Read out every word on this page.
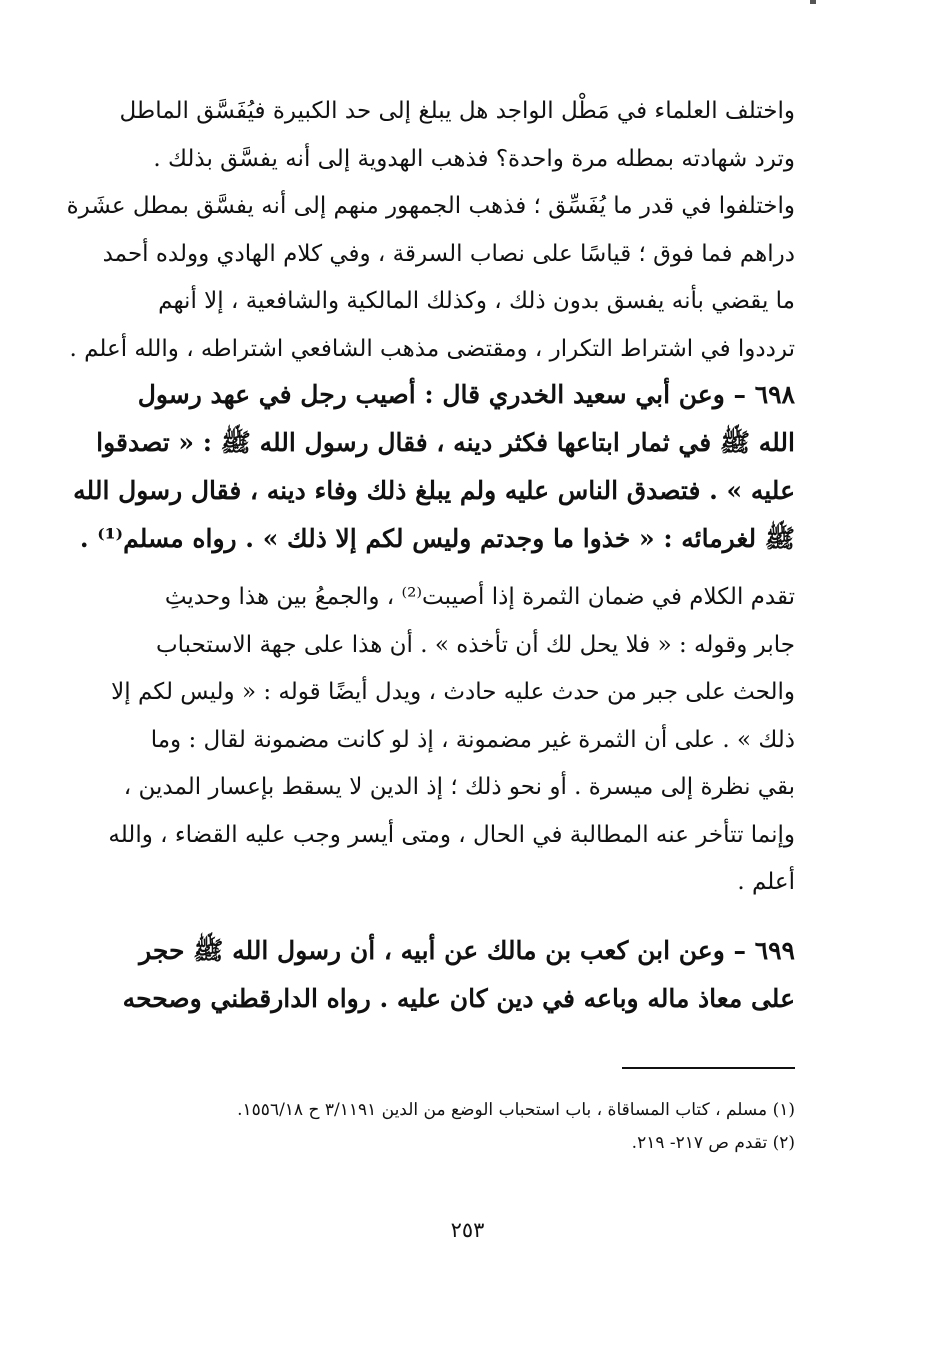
واختلف العلماء في مَطْل الواجد هل يبلغ إلى حد الكبيرة فيُفَسَّق الماطل
وترد شهادته بمطله مرة واحدة؟ فذهب الهدوية إلى أنه يفسَّق بذلك .
واختلفوا في قدر ما يُفَسِّق ؛ فذهب الجمهور منهم إلى أنه يفسَّق بمطل عشَرة
دراهم فما فوق ؛ قياسًا على نصاب السرقة ، وفي كلام الهادي وولده أحمد
ما يقضي بأنه يفسق بدون ذلك ، وكذلك المالكية والشافعية ، إلا أنهم
ترددوا في اشتراط التكرار ، ومقتضى مذهب الشافعي اشتراطه ، والله أعلم .
٦٩٨ – وعن أبي سعيد الخدري قال : أصيب رجل في عهد رسول
الله ﷺ في ثمار ابتاعها فكثر دينه ، فقال رسول الله ﷺ : « تصدقوا
عليه » . فتصدق الناس عليه ولم يبلغ ذلك وفاء دينه ، فقال رسول الله
ﷺ لغرمائه : « خذوا ما وجدتم وليس لكم إلا ذلك » . رواه مسلم⁽¹⁾ .
تقدم الكلام في ضمان الثمرة إذا أصيبت⁽²⁾ ، والجمعُ بين هذا وحديثِ
جابر وقوله : « فلا يحل لك أن تأخذه » . أن هذا على جهة الاستحباب
والحث على جبر من حدث عليه حادث ، ويدل أيضًا قوله : « وليس لكم إلا
ذلك » . على أن الثمرة غير مضمونة ، إذ لو كانت مضمونة لقال : وما
بقي نظرة إلى ميسرة . أو نحو ذلك ؛ إذ الدين لا يسقط بإعسار المدين ،
وإنما تتأخر عنه المطالبة في الحال ، ومتى أيسر وجب عليه القضاء ، والله
أعلم .
٦٩٩ – وعن ابن كعب بن مالك عن أبيه ، أن رسول الله ﷺ حجر
على معاذ ماله وباعه في دين كان عليه . رواه الدارقطني وصححه
(١) مسلم ، كتاب المساقاة ، باب استحباب الوضع من الدين ٣/١١٩١ ح ١٥٥٦/١٨.
(٢) تقدم ص ٢١٧- ٢١٩.
٢٥٣
